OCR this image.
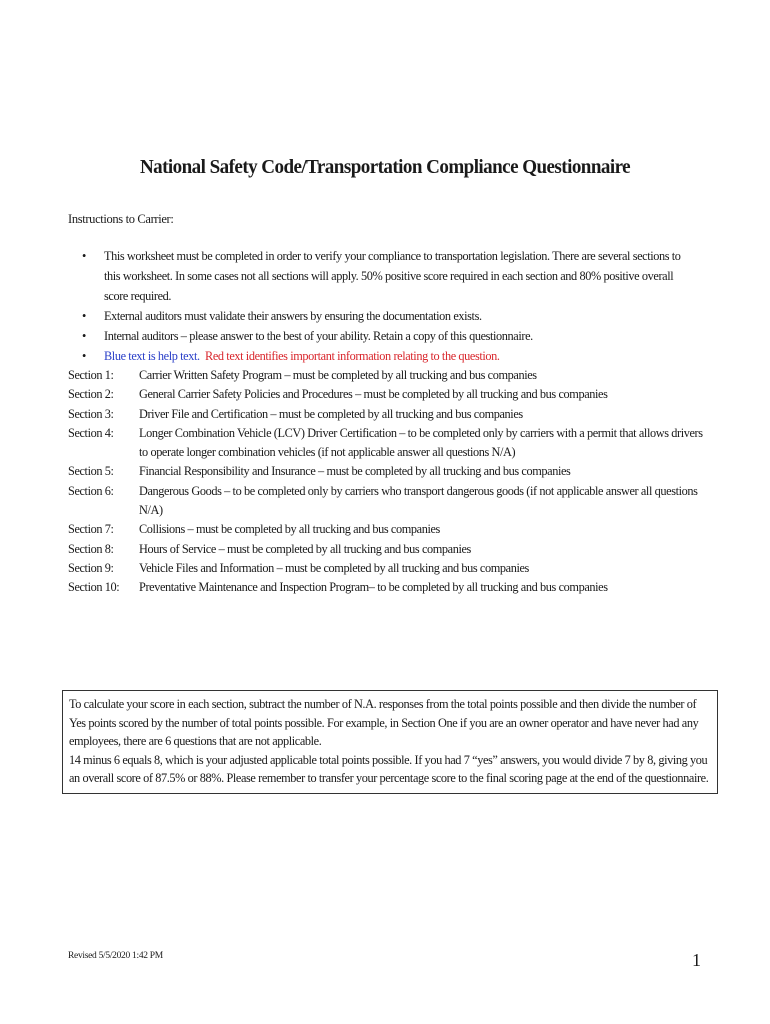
National Safety Code/Transportation Compliance Questionnaire
Instructions to Carrier:
• This worksheet must be completed in order to verify your compliance to transportation legislation. There are several sections to this worksheet. In some cases not all sections will apply. 50% positive score required in each section and 80% positive overall score required.
• External auditors must validate their answers by ensuring the documentation exists.
• Internal auditors – please answer to the best of your ability. Retain a copy of this questionnaire.
• Blue text is help text. Red text identifies important information relating to the question.
Section 1:	Carrier Written Safety Program – must be completed by all trucking and bus companies
Section 2:	General Carrier Safety Policies and Procedures – must be completed by all trucking and bus companies
Section 3:	Driver File and Certification – must be completed by all trucking and bus companies
Section 4:	Longer Combination Vehicle (LCV) Driver Certification – to be completed only by carriers with a permit that allows drivers to operate longer combination vehicles (if not applicable answer all questions N/A)
Section 5:	Financial Responsibility and Insurance – must be completed by all trucking and bus companies
Section 6:	Dangerous Goods – to be completed only by carriers who transport dangerous goods (if not applicable answer all questions N/A)
Section 7:	Collisions – must be completed by all trucking and bus companies
Section 8:	Hours of Service – must be completed by all trucking and bus companies
Section 9:	Vehicle Files and Information – must be completed by all trucking and bus companies
Section 10:	Preventative Maintenance and Inspection Program– to be completed by all trucking and bus companies
To calculate your score in each section, subtract the number of N.A. responses from the total points possible and then divide the number of Yes points scored by the number of total points possible. For example, in Section One if you are an owner operator and have never had any employees, there are 6 questions that are not applicable.
14 minus 6 equals 8, which is your adjusted applicable total points possible. If you had 7 “yes” answers, you would divide 7 by 8, giving you an overall score of 87.5% or 88%. Please remember to transfer your percentage score to the final scoring page at the end of the questionnaire.
Revised 5/5/2020 1:42 PM	1
